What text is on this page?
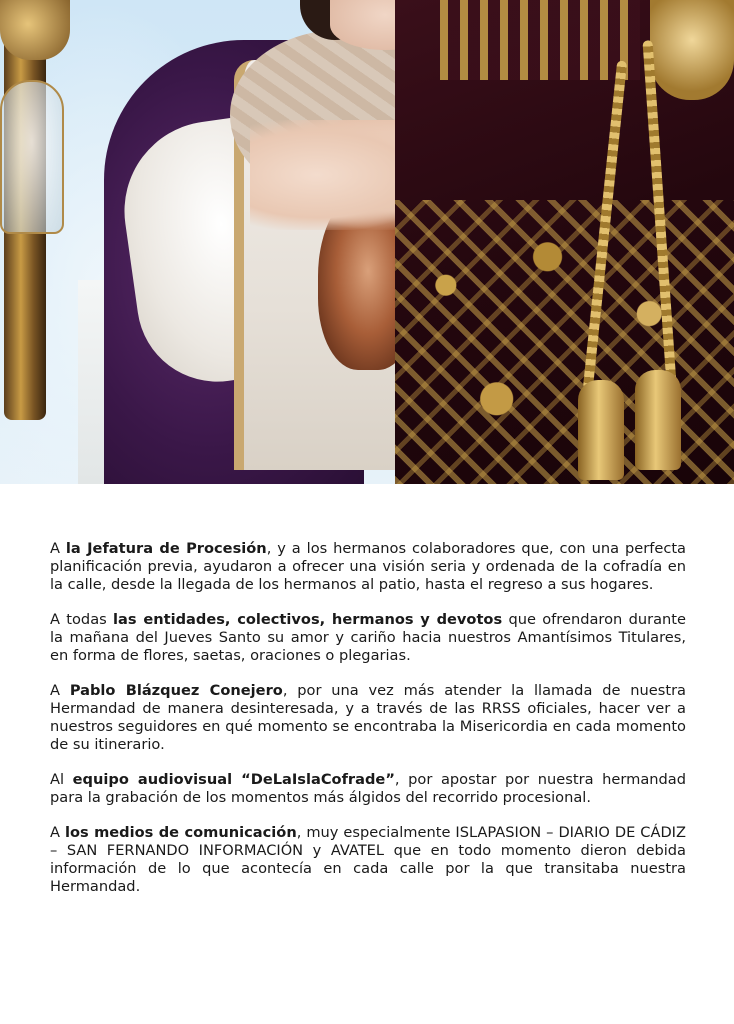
A la Jefatura de Procesión, y a los hermanos colaboradores que, con una perfecta planificación previa, ayudaron a ofrecer una visión seria y ordenada de la cofradía en la calle, desde la llegada de los hermanos al patio, hasta el regreso a sus hogares.

A todas las entidades, colectivos, hermanos y devotos que ofrendaron durante la mañana del Jueves Santo su amor y cariño hacia nuestros Amantísimos Titulares, en forma de flores, saetas, oraciones o plegarias.

A Pablo Blázquez Conejero, por una vez más atender la llamada de nuestra Hermandad de manera desinteresada, y a través de las RRSS oficiales, hacer ver a nuestros seguidores en qué momento se encontraba la Misericordia en cada momento de su itinerario.

Al equipo audiovisual “DeLaIslaCofrade”, por apostar por nuestra hermandad para la grabación de los momentos más álgidos del recorrido procesional.

A los medios de comunicación, muy especialmente ISLAPASION – DIARIO DE CÁDIZ – SAN FERNANDO INFORMACIÓN y AVATEL que en todo momento dieron debida información de lo que acontecía en cada calle por la que transitaba nuestra Hermandad.
